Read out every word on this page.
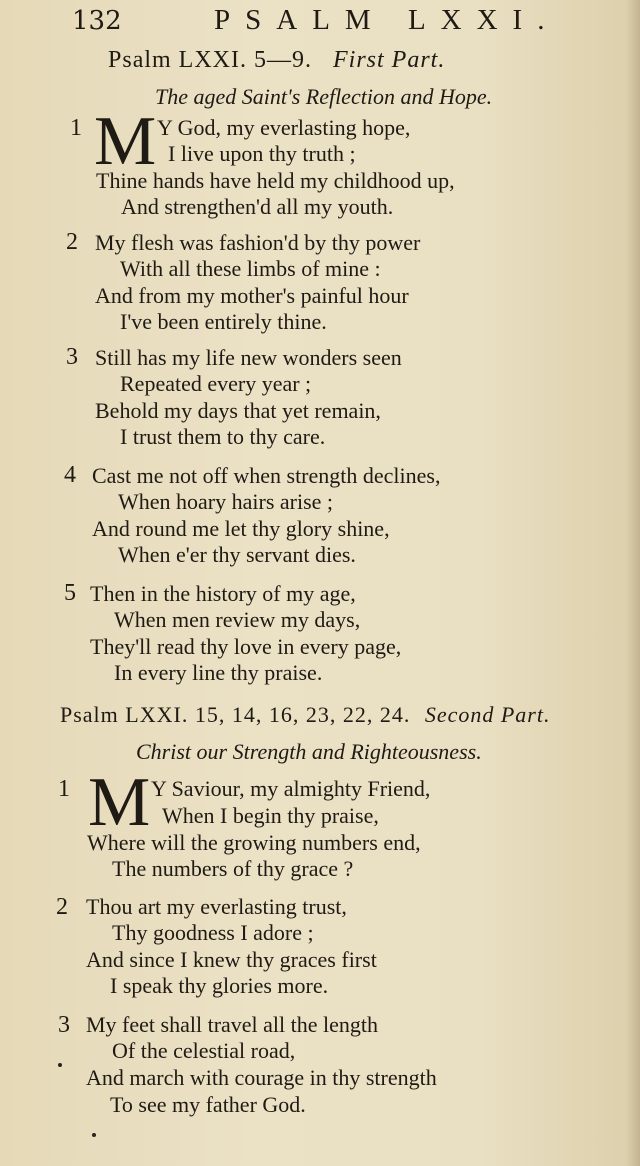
132	PSALM LXXI.
Psalm LXXI. 5—9. First Part.
The aged Saint's Reflection and Hope.
1 M Y God, my everlasting hope,
I live upon thy truth ;
Thine hands have held my childhood up,
And strengthen'd all my youth.
2 My flesh was fashion'd by thy power
With all these limbs of mine :
And from my mother's painful hour
I've been entirely thine.
3 Still has my life new wonders seen
Repeated every year ;
Behold my days that yet remain,
I trust them to thy care.
4 Cast me not off when strength declines,
When hoary hairs arise ;
And round me let thy glory shine,
When e'er thy servant dies.
5 Then in the history of my age,
When men review my days,
They'll read thy love in every page,
In every line thy praise.
Psalm LXXI. 15, 14, 16, 23, 22, 24. Second Part.
Christ our Strength and Righteousness.
1 M Y Saviour, my almighty Friend,
When I begin thy praise,
Where will the growing numbers end,
The numbers of thy grace ?
2 Thou art my everlasting trust,
Thy goodness I adore ;
And since I knew thy graces first
I speak thy glories more.
3 My feet shall travel all the length
Of the celestial road,
And march with courage in thy strength
To see my father God.
